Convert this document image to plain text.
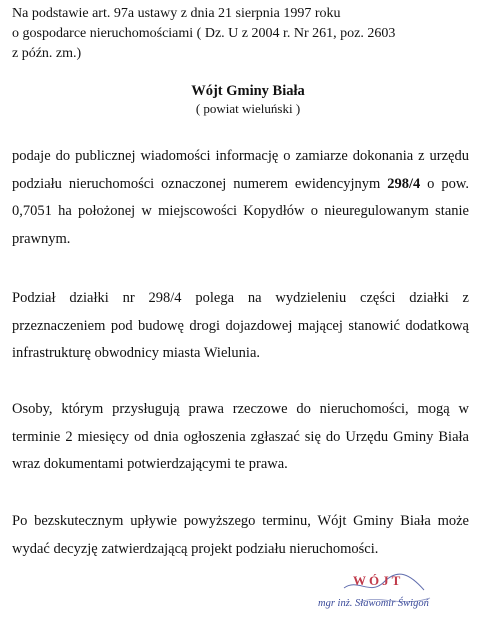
Na podstawie art. 97a ustawy z dnia 21 sierpnia 1997 roku
o gospodarce nieruchomościami ( Dz. U z 2004 r. Nr 261, poz. 2603
z późn. zm.)

Wójt Gminy Biała
( powiat wieluński )

podaje do publicznej wiadomości informację o zamiarze dokonania z urzędu podziału nieruchomości oznaczonej numerem ewidencyjnym 298/4 o pow. 0,7051 ha położonej w miejscowości Kopydłów o nieuregulowanym stanie prawnym.

Podział działki nr 298/4 polega na wydzieleniu części działki z przeznaczeniem pod budowę drogi dojazdowej mającej stanowić dodatkową infrastrukturę obwodnicy miasta Wielunia.

Osoby, którym przysługują prawa rzeczowe do nieruchomości, mogą w terminie 2 miesięcy od dnia ogłoszenia zgłaszać się do Urzędu Gminy Biała wraz dokumentami potwierdzającymi te prawa.

Po bezskutecznym upływie powyższego terminu, Wójt Gminy Biała może wydać decyzję zatwierdzającą projekt podziału nieruchomości.

WÓJT
mgr inż. Sławomir Świgoń
